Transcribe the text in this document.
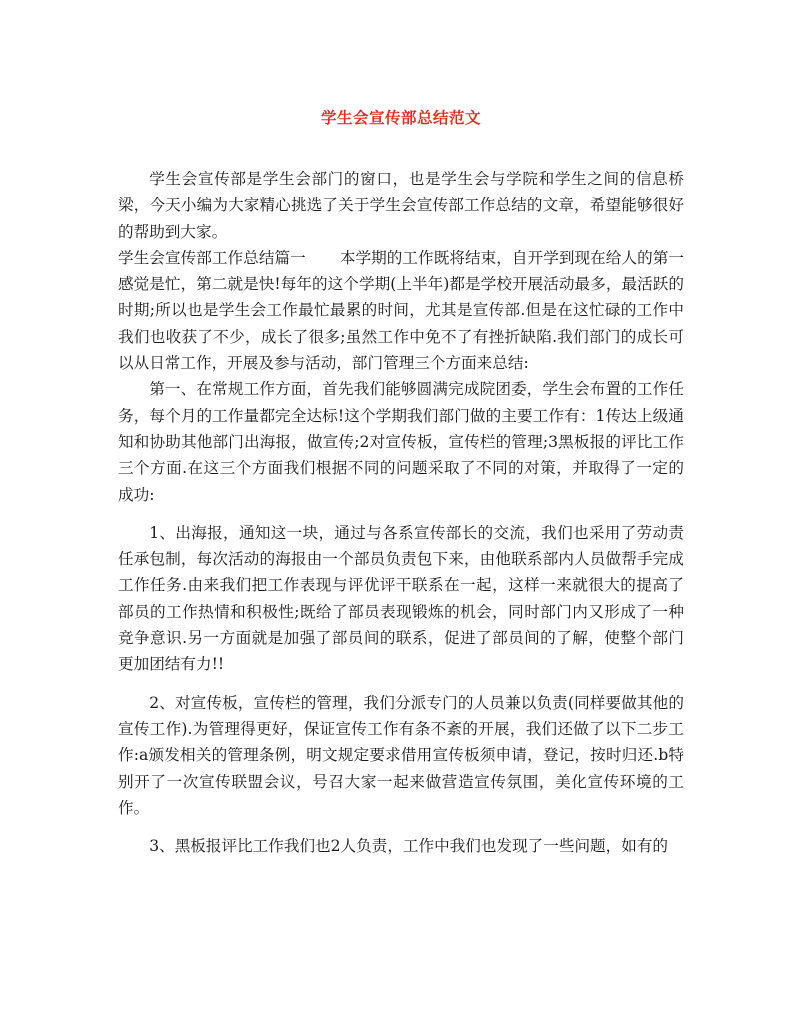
学生会宣传部总结范文

学生会宣传部是学生会部门的窗口，也是学生会与学院和学生之间的信息桥梁，今天小编为大家精心挑选了关于学生会宣传部工作总结的文章，希望能够很好的帮助到大家。

学生会宣传部工作总结篇一 本学期的工作既将结束，自开学到现在给人的第一感觉是忙，第二就是快!每年的这个学期(上半年)都是学校开展活动最多，最活跃的时期;所以也是学生会工作最忙最累的时间，尤其是宣传部.但是在这忙碌的工作中我们也收获了不少，成长了很多;虽然工作中免不了有挫折缺陷.我们部门的成长可以从日常工作，开展及参与活动，部门管理三个方面来总结:

第一、在常规工作方面，首先我们能够圆满完成院团委，学生会布置的工作任务，每个月的工作量都完全达标!这个学期我们部门做的主要工作有：1传达上级通知和协助其他部门出海报，做宣传;2对宣传板，宣传栏的管理;3黑板报的评比工作三个方面.在这三个方面我们根据不同的问题采取了不同的对策，并取得了一定的成功:

1、出海报，通知这一块，通过与各系宣传部长的交流，我们也采用了劳动责任承包制，每次活动的海报由一个部员负责包下来，由他联系部内人员做帮手完成工作任务.由来我们把工作表现与评优评干联系在一起，这样一来就很大的提高了部员的工作热情和积极性;既给了部员表现锻炼的机会，同时部门内又形成了一种竞争意识.另一方面就是加强了部员间的联系，促进了部员间的了解，使整个部门更加团结有力!!

2、对宣传板，宣传栏的管理，我们分派专门的人员兼以负责(同样要做其他的宣传工作).为管理得更好，保证宣传工作有条不紊的开展，我们还做了以下二步工作:a颁发相关的管理条例，明文规定要求借用宣传板须申请，登记，按时归还.b特别开了一次宣传联盟会议，号召大家一起来做营造宣传氛围，美化宣传环境的工作。

3、黑板报评比工作我们也2人负责，工作中我们也发现了一些问题，如有的
